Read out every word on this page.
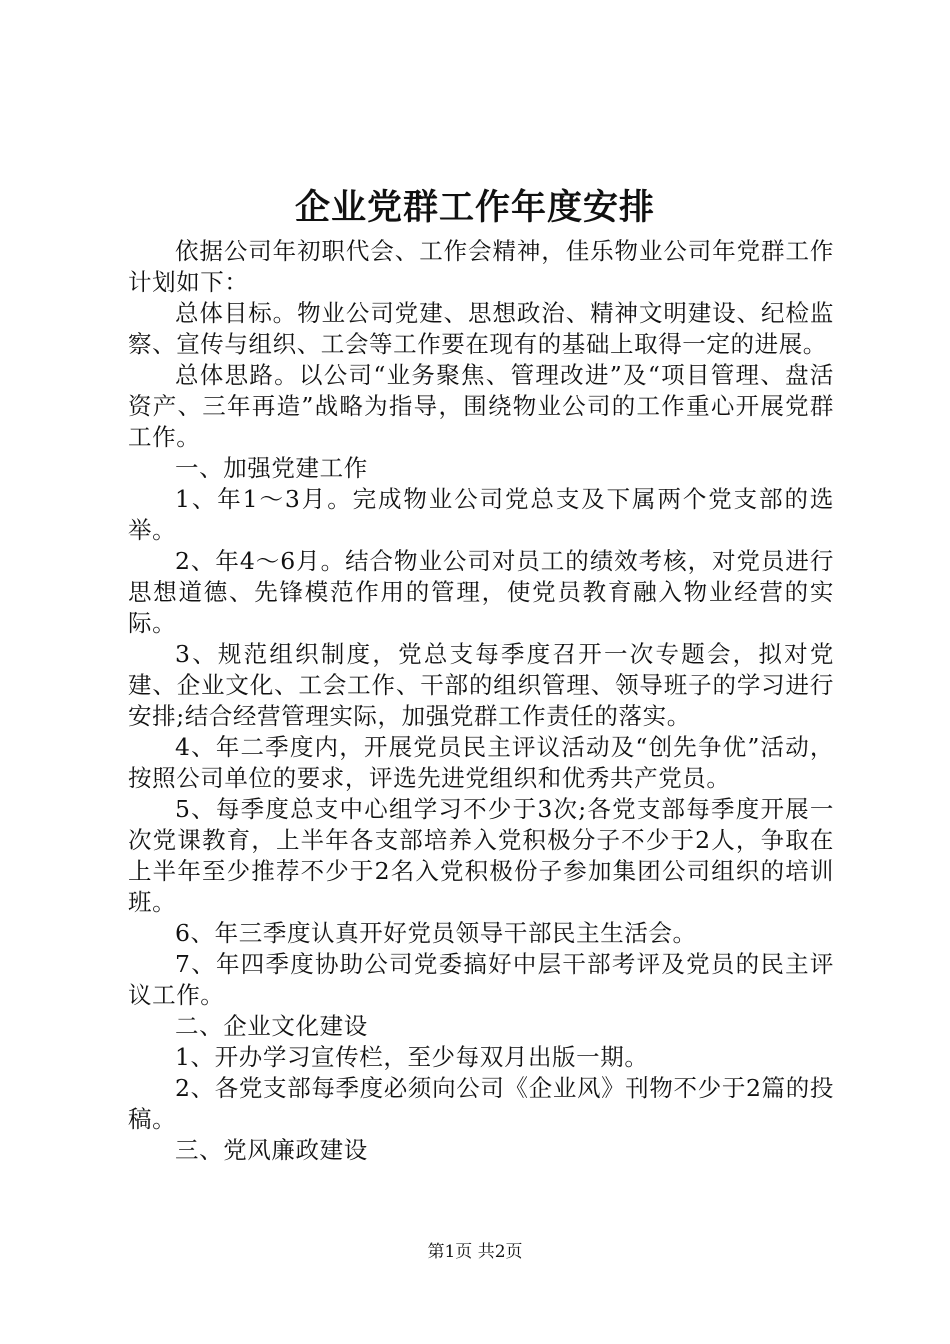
企业党群工作年度安排

依据公司年初职代会、工作会精神，佳乐物业公司年党群工作计划如下：

总体目标。物业公司党建、思想政治、精神文明建设、纪检监察、宣传与组织、工会等工作要在现有的基础上取得一定的进展。

总体思路。以公司“业务聚焦、管理改进”及“项目管理、盘活资产、三年再造”战略为指导，围绕物业公司的工作重心开展党群工作。

一、加强党建工作

1、年1～3月。完成物业公司党总支及下属两个党支部的选举。

2、年4～6月。结合物业公司对员工的绩效考核，对党员进行思想道德、先锋模范作用的管理，使党员教育融入物业经营的实际。

3、规范组织制度，党总支每季度召开一次专题会，拟对党建、企业文化、工会工作、干部的组织管理、领导班子的学习进行安排;结合经营管理实际，加强党群工作责任的落实。

4、年二季度内，开展党员民主评议活动及“创先争优”活动，按照公司单位的要求，评选先进党组织和优秀共产党员。

5、每季度总支中心组学习不少于3次;各党支部每季度开展一次党课教育，上半年各支部培养入党积极分子不少于2人，争取在上半年至少推荐不少于2名入党积极份子参加集团公司组织的培训班。

6、年三季度认真开好党员领导干部民主生活会。

7、年四季度协助公司党委搞好中层干部考评及党员的民主评议工作。

二、企业文化建设

1、开办学习宣传栏，至少每双月出版一期。

2、各党支部每季度必须向公司《企业风》刊物不少于2篇的投稿。

三、党风廉政建设

第1页 共2页
